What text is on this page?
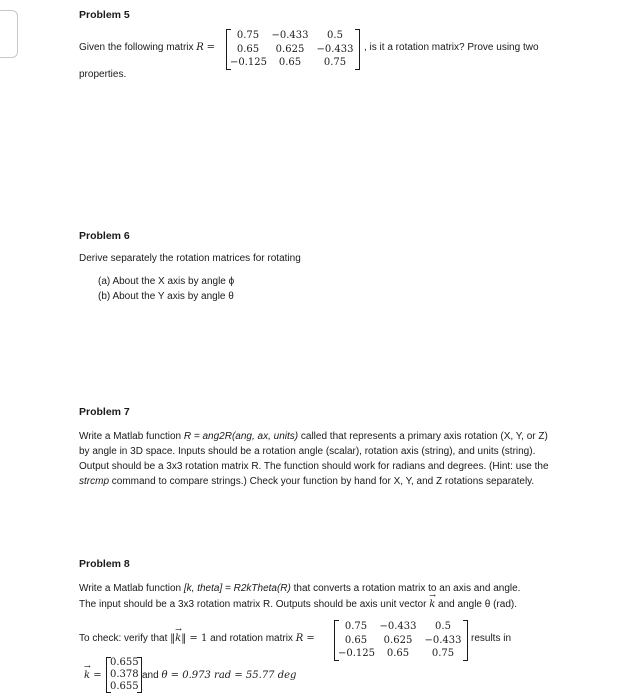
Problem 5
Given the following matrix R =
0.75	−0.433	0.5
0.65	0.625	−0.433
−0.125	0.65	0.75
, is it a rotation matrix? Prove using two
properties.
Problem 6
Derive separately the rotation matrices for rotating
(a) About the X axis by angle ϕ
(b) About the Y axis by angle θ
Problem 7
Write a Matlab function R = ang2R(ang, ax, units) called that represents a primary axis rotation (X, Y, or Z) by angle in 3D space. Inputs should be a rotation angle (scalar), rotation axis (string), and units (string). Output should be a 3x3 rotation matrix R. The function should work for radians and degrees. (Hint: use the strcmp command to compare strings.) Check your function by hand for X, Y, and Z rotations separately.
Problem 8
Write a Matlab function [k, theta] = R2kTheta(R) that converts a rotation matrix to an axis and angle.
The input should be a 3x3 rotation matrix R. Outputs should be axis unit vector k → and angle θ (rad).
To check: verify that ‖k →‖ = 1 and rotation matrix R =
0.75	−0.433	0.5
0.65	0.625	−0.433
−0.125	0.65	0.75
results in
k → =
0.655
0.378
0.655
and θ = 0.973 rad = 55.77 deg
